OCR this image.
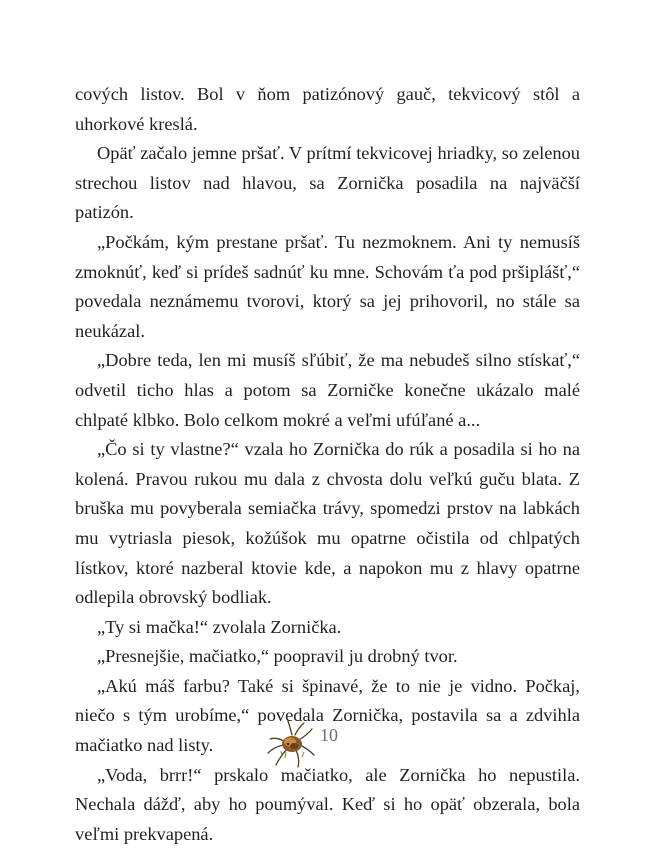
cových listov. Bol v ňom patizónový gauč, tekvicový stôl a uhorkové kreslá.

Opäť začalo jemne pršať. V prítmí tekvicovej hriadky, so zelenou strechou listov nad hlavou, sa Zornička posadila na najväčší patizón.

„Počkám, kým prestane pršať. Tu nezmoknem. Ani ty nemusíš zmoknúť, keď si prídeš sadnúť ku mne. Schovám ťa pod pršiplášť,“ povedala neznámemu tvorovi, ktorý sa jej prihovoril, no stále sa neukázal.

„Dobre teda, len mi musíš sľúbiť, že ma nebudeš silno stískať,“ odvetil ticho hlas a potom sa Zorničke konečne ukázalo malé chlpaté klbko. Bolo celkom mokré a veľmi ufúľané a...

„Čo si ty vlastne?“ vzala ho Zornička do rúk a posadila si ho na kolená. Pravou rukou mu dala z chvosta dolu veľkú guču blata. Z bruška mu povyberala semiačka trávy, spomedzi prstov na labkách mu vytriasla piesok, kožúšok mu opatrne očistila od chlpatých lístkov, ktoré nazberal ktovie kde, a napokon mu z hlavy opatrne odlepila obrovský bodliak.

„Ty si mačka!“ zvolala Zornička.

„Presnejšie, mačiatko,“ poopravil ju drobný tvor.

„Akú máš farbu? Také si špinavé, že to nie je vidno. Počkaj, niečo s tým urobíme,“ povedala Zornička, postavila sa a zdvihla mačiatko nad listy.

„Voda, brrr!“ prskalo mačiatko, ale Zornička ho nepustila. Nechala dážď, aby ho poumýval. Keď si ho opäť obzerala, bola veľmi prekvapená.

10
